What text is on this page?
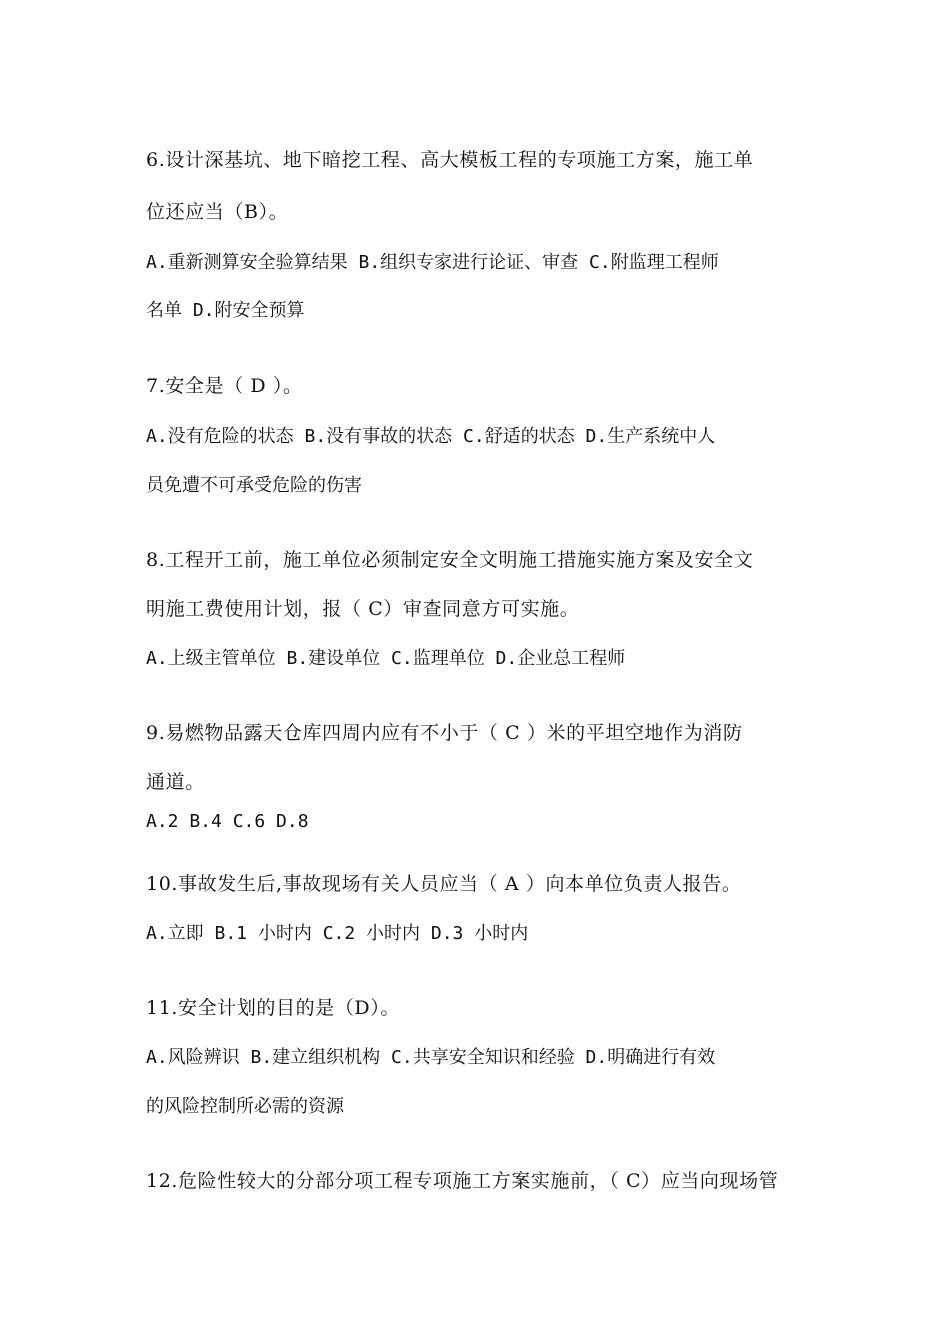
6.设计深基坑、地下暗挖工程、高大模板工程的专项施工方案，施工单
位还应当（B）。
A.重新测算安全验算结果 B.组织专家进行论证、审查 C.附监理工程师
名单 D.附安全预算
7.安全是（ D ）。
A.没有危险的状态 B.没有事故的状态 C.舒适的状态 D.生产系统中人
员免遭不可承受危险的伤害
8.工程开工前，施工单位必须制定安全文明施工措施实施方案及安全文
明施工费使用计划，报（ C）审查同意方可实施。
A.上级主管单位 B.建设单位 C.监理单位 D.企业总工程师
9.易燃物品露天仓库四周内应有不小于（ C ）米的平坦空地作为消防
通道。
A.2 B.4 C.6 D.8
10.事故发生后,事故现场有关人员应当（ A ）向本单位负责人报告。
A.立即 B.1 小时内 C.2 小时内 D.3 小时内
11.安全计划的目的是（D）。
A.风险辨识 B.建立组织机构 C.共享安全知识和经验 D.明确进行有效
的风险控制所必需的资源
12.危险性较大的分部分项工程专项施工方案实施前，（ C）应当向现场管
